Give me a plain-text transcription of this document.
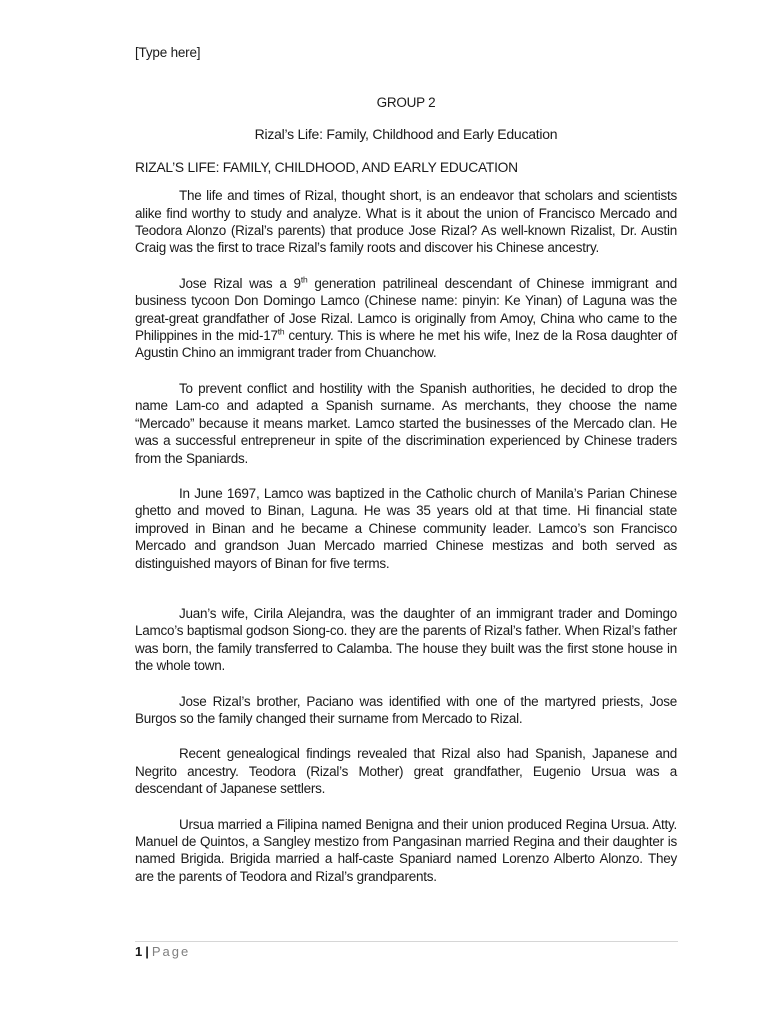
[Type here]
GROUP 2
Rizal’s Life: Family, Childhood and Early Education
RIZAL’S LIFE: FAMILY, CHILDHOOD, AND EARLY EDUCATION

The life and times of Rizal, thought short, is an endeavor that scholars and scientists alike find worthy to study and analyze. What is it about the union of Francisco Mercado and Teodora Alonzo (Rizal’s parents) that produce Jose Rizal? As well-known Rizalist, Dr. Austin Craig was the first to trace Rizal’s family roots and discover his Chinese ancestry.

Jose Rizal was a 9th generation patrilineal descendant of Chinese immigrant and business tycoon Don Domingo Lamco (Chinese name: pinyin: Ke Yinan) of Laguna was the great-great grandfather of Jose Rizal. Lamco is originally from Amoy, China who came to the Philippines in the mid-17th century. This is where he met his wife, Inez de la Rosa daughter of Agustin Chino an immigrant trader from Chuanchow.

To prevent conflict and hostility with the Spanish authorities, he decided to drop the name Lam-co and adapted a Spanish surname. As merchants, they choose the name “Mercado” because it means market. Lamco started the businesses of the Mercado clan. He was a successful entrepreneur in spite of the discrimination experienced by Chinese traders from the Spaniards.

In June 1697, Lamco was baptized in the Catholic church of Manila’s Parian Chinese ghetto and moved to Binan, Laguna. He was 35 years old at that time. Hi financial state improved in Binan and he became a Chinese community leader. Lamco’s son Francisco Mercado and grandson Juan Mercado married Chinese mestizas and both served as distinguished mayors of Binan for five terms.

Juan’s wife, Cirila Alejandra, was the daughter of an immigrant trader and Domingo Lamco’s baptismal godson Siong-co. they are the parents of Rizal’s father. When Rizal’s father was born, the family transferred to Calamba. The house they built was the first stone house in the whole town.

Jose Rizal’s brother, Paciano was identified with one of the martyred priests, Jose Burgos so the family changed their surname from Mercado to Rizal.

Recent genealogical findings revealed that Rizal also had Spanish, Japanese and Negrito ancestry. Teodora (Rizal’s Mother) great grandfather, Eugenio Ursua was a descendant of Japanese settlers.

Ursua married a Filipina named Benigna and their union produced Regina Ursua. Atty. Manuel de Quintos, a Sangley mestizo from Pangasinan married Regina and their daughter is named Brigida. Brigida married a half-caste Spaniard named Lorenzo Alberto Alonzo. They are the parents of Teodora and Rizal’s grandparents.

1 | Page
